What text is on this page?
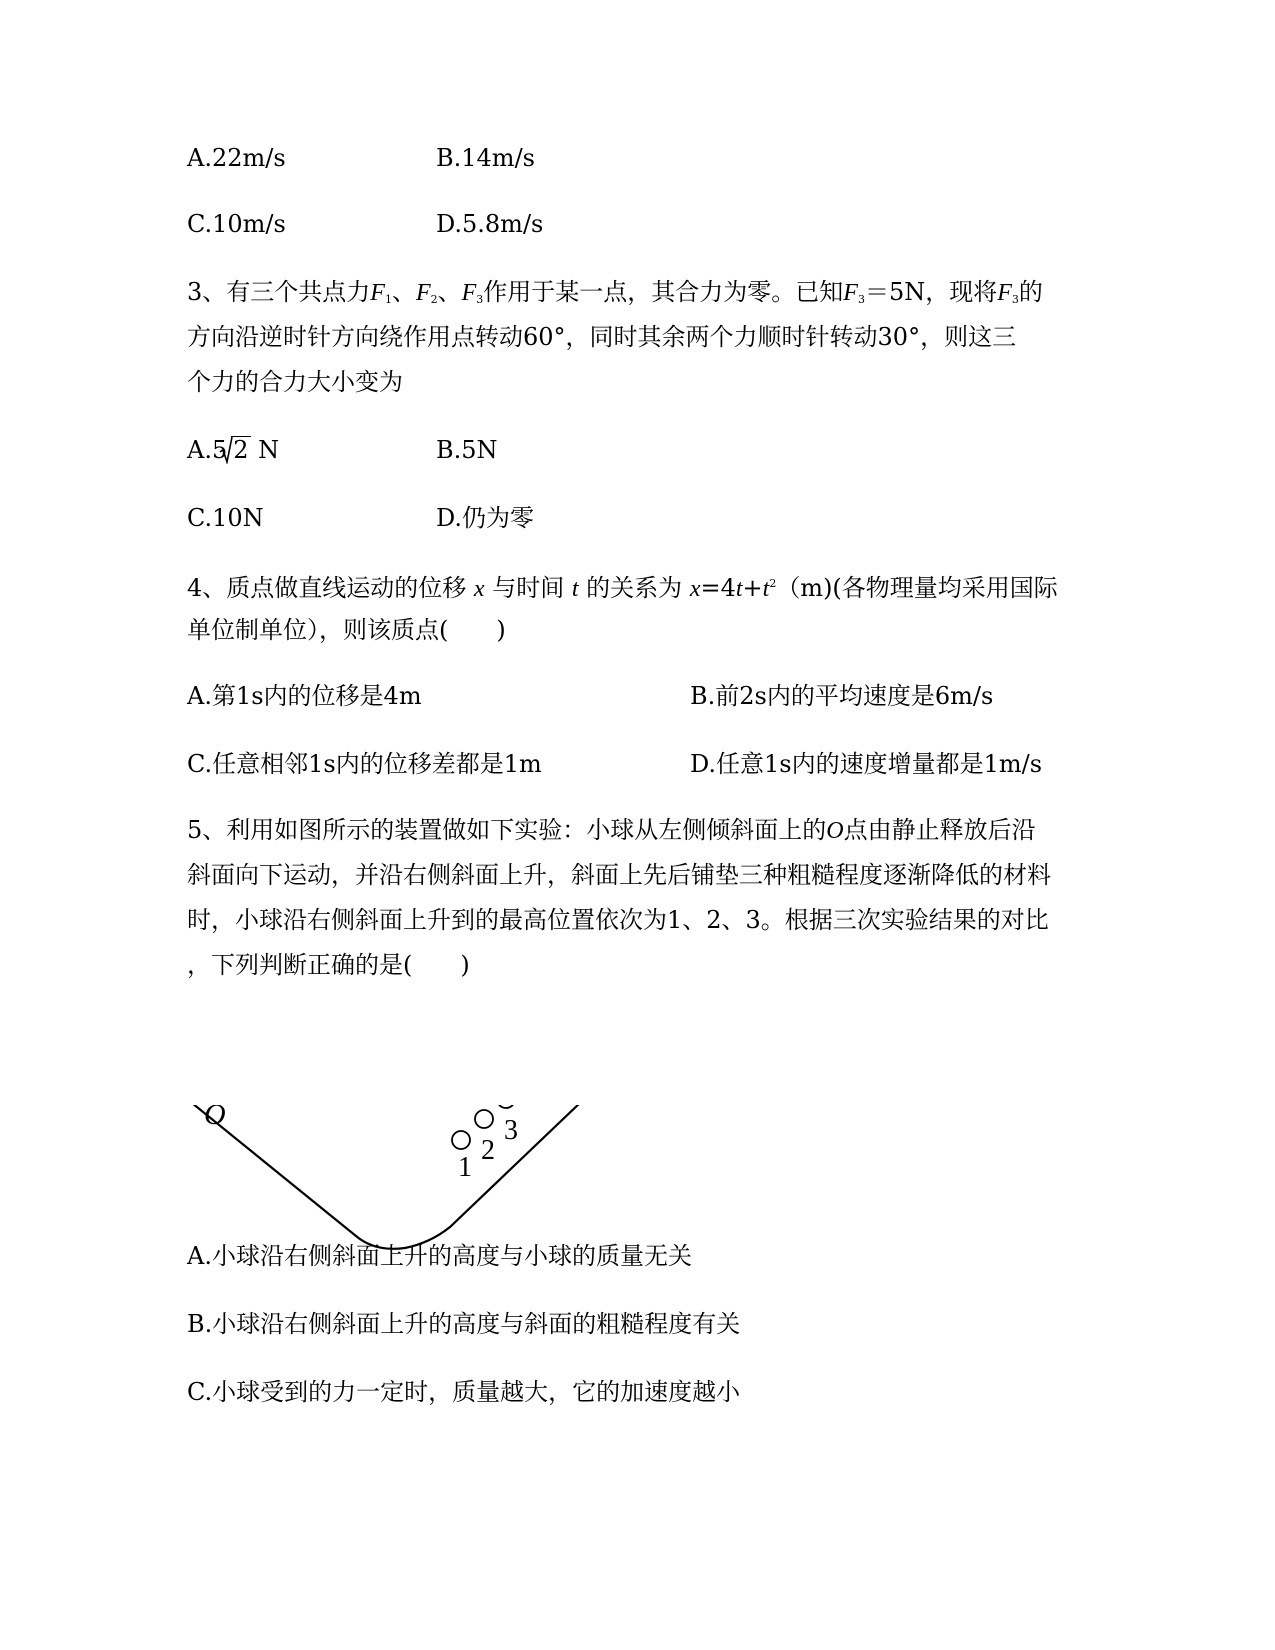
A.22m/s	B.14m/s
C.10m/s	D.5.8m/s
3、有三个共点力$F_1$、$F_2$、$F_3$作用于某一点，其合力为零。已知$F_3=5N$，现将$F_3$的
方向沿逆时针方向绕作用点转动60°，同时其余两个力顺时针转动30°，则这三
个力的合力大小变为
A.5 2 N	B.5N
C.10N	D.仍为零
4、质点做直线运动的位移 x 与时间 t 的关系为 $x=4t+t^2(m)$(各物理量均采用国际
单位制单位），则该质点(　　)
A.第1s内的位移是4m	B.前2s内的平均速度是6m/s
C.任意相邻1s内的位移差都是1m	D.任意1s内的速度增量都是1m/s
5、利用如图所示的装置做如下实验：小球从左侧倾斜面上的O点由静止释放后沿
斜面向下运动，并沿右侧斜面上升，斜面上先后铺垫三种粗糙程度逐渐降低的材料
时，小球沿右侧斜面上升到的最高位置依次为1、2、3。根据三次实验结果的对比
，下列判断正确的是(　　)
O
1
2
3
A.小球沿右侧斜面上升的高度与小球的质量无关
B.小球沿右侧斜面上升的高度与斜面的粗糙程度有关
C.小球受到的力一定时，质量越大，它的加速度越小
